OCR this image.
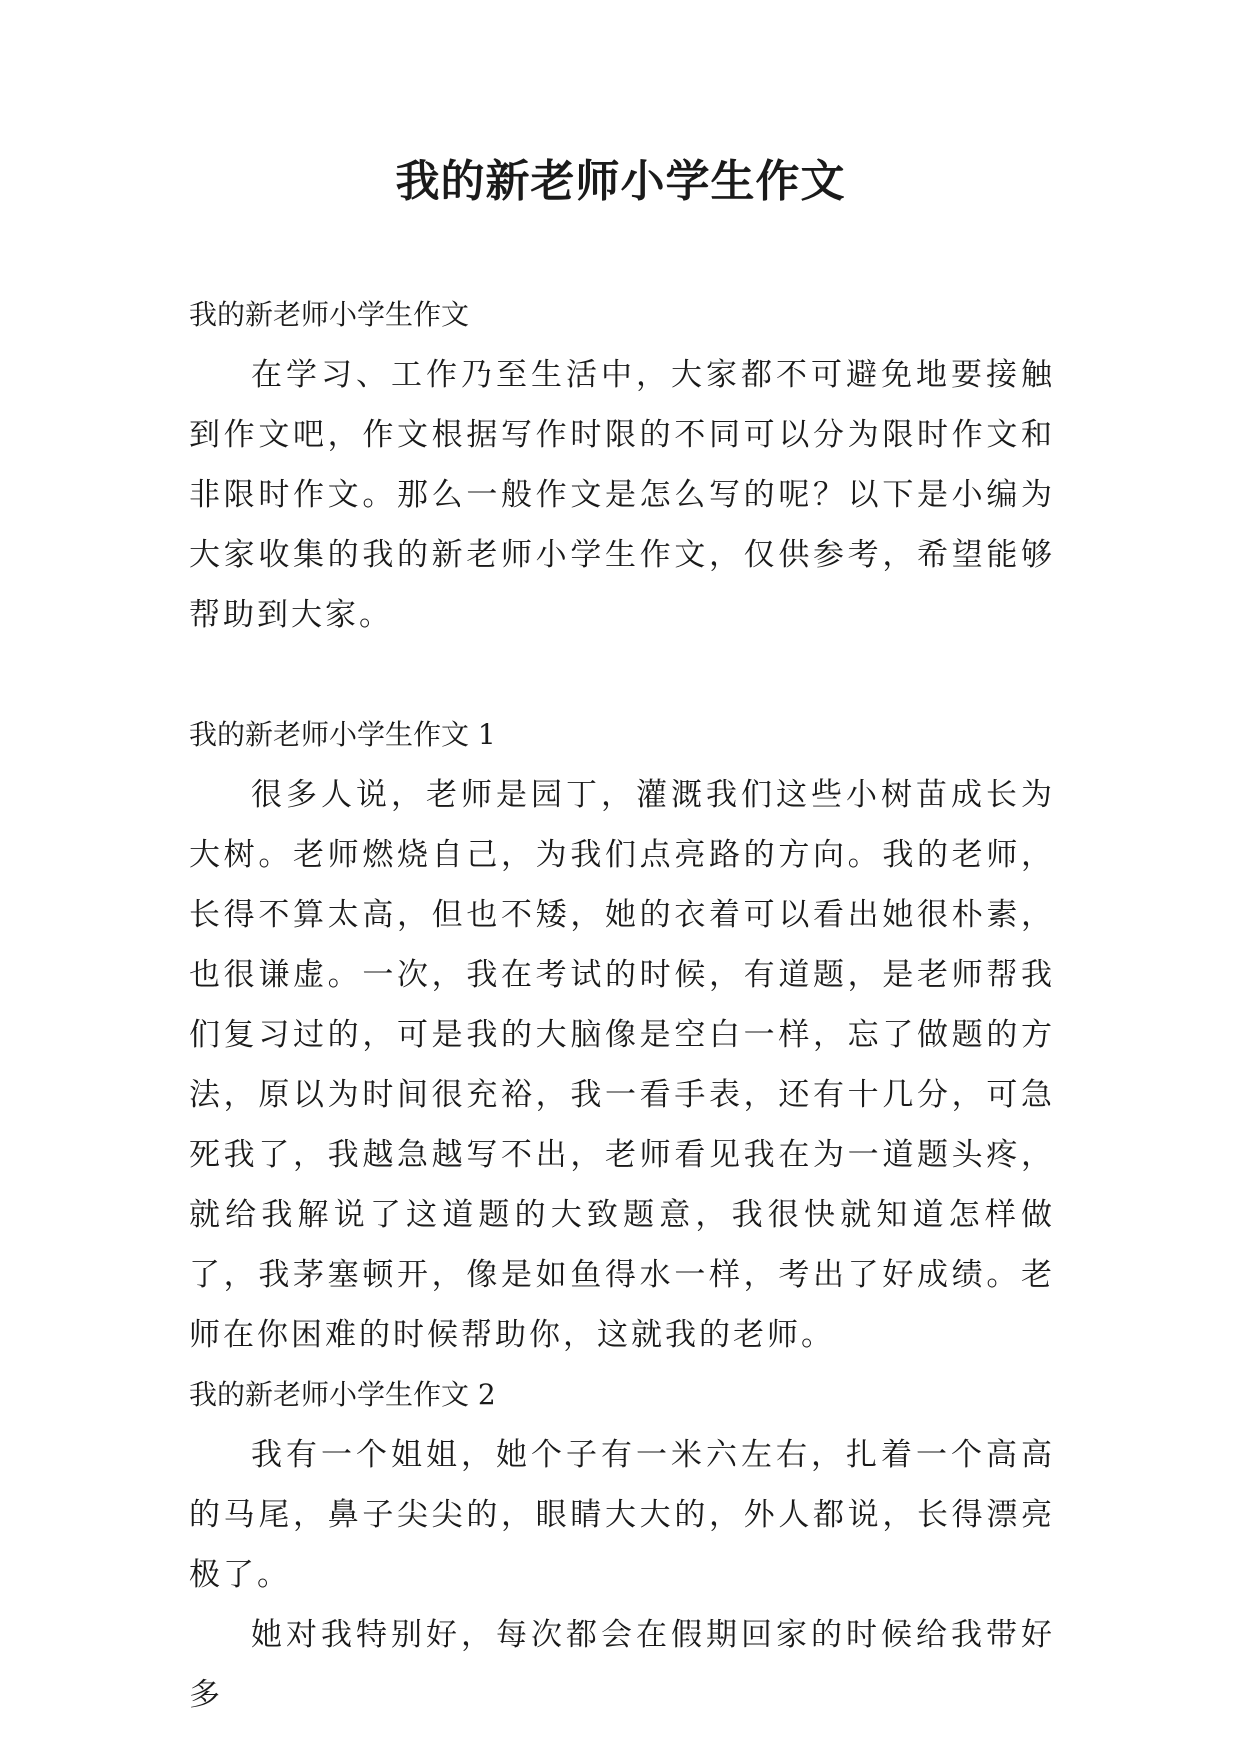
我的新老师小学生作文

我的新老师小学生作文

在学习、工作乃至生活中，大家都不可避免地要接触到作文吧，作文根据写作时限的不同可以分为限时作文和非限时作文。那么一般作文是怎么写的呢？以下是小编为大家收集的我的新老师小学生作文，仅供参考，希望能够帮助到大家。

我的新老师小学生作文 1

很多人说，老师是园丁，灌溉我们这些小树苗成长为大树。老师燃烧自己，为我们点亮路的方向。我的老师，长得不算太高，但也不矮，她的衣着可以看出她很朴素，也很谦虚。一次，我在考试的时候，有道题，是老师帮我们复习过的，可是我的大脑像是空白一样，忘了做题的方法，原以为时间很充裕，我一看手表，还有十几分，可急死我了，我越急越写不出，老师看见我在为一道题头疼，就给我解说了这道题的大致题意，我很快就知道怎样做了，我茅塞顿开，像是如鱼得水一样，考出了好成绩。老师在你困难的时候帮助你，这就我的老师。

我的新老师小学生作文 2

我有一个姐姐，她个子有一米六左右，扎着一个高高的马尾，鼻子尖尖的，眼睛大大的，外人都说，长得漂亮极了。

她对我特别好，每次都会在假期回家的时候给我带好多
